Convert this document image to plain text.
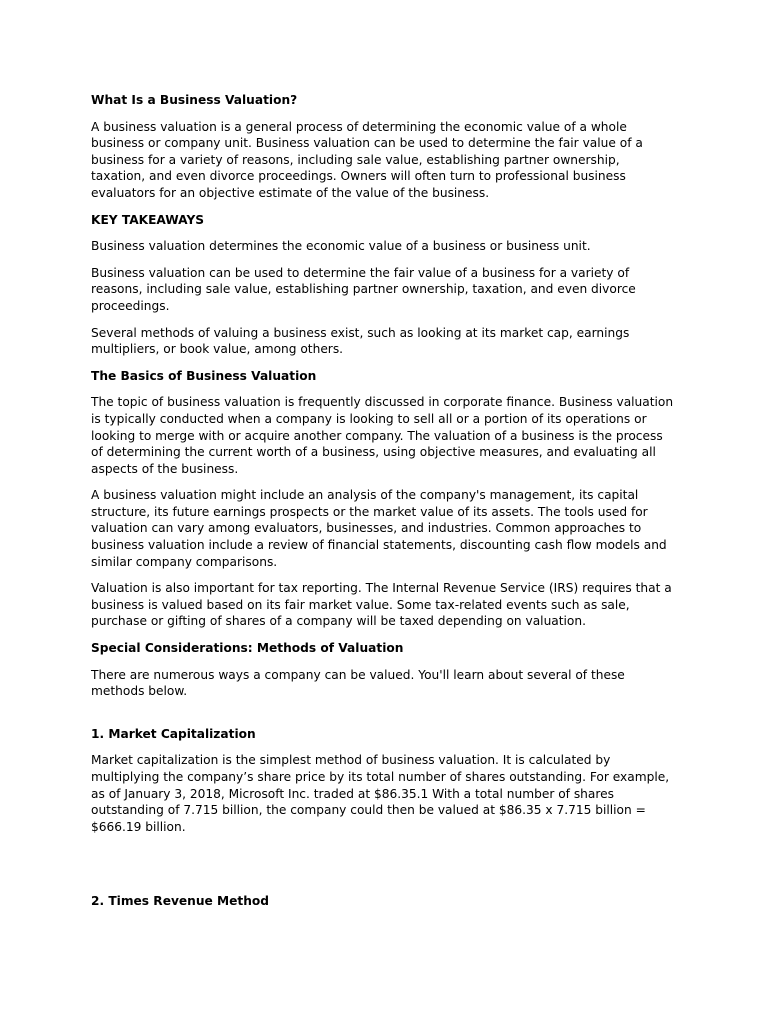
What Is a Business Valuation?

A business valuation is a general process of determining the economic value of a whole business or company unit. Business valuation can be used to determine the fair value of a business for a variety of reasons, including sale value, establishing partner ownership, taxation, and even divorce proceedings. Owners will often turn to professional business evaluators for an objective estimate of the value of the business.

KEY TAKEAWAYS

Business valuation determines the economic value of a business or business unit.

Business valuation can be used to determine the fair value of a business for a variety of reasons, including sale value, establishing partner ownership, taxation, and even divorce proceedings.

Several methods of valuing a business exist, such as looking at its market cap, earnings multipliers, or book value, among others.

The Basics of Business Valuation

The topic of business valuation is frequently discussed in corporate finance. Business valuation is typically conducted when a company is looking to sell all or a portion of its operations or looking to merge with or acquire another company. The valuation of a business is the process of determining the current worth of a business, using objective measures, and evaluating all aspects of the business.

A business valuation might include an analysis of the company's management, its capital structure, its future earnings prospects or the market value of its assets. The tools used for valuation can vary among evaluators, businesses, and industries. Common approaches to business valuation include a review of financial statements, discounting cash flow models and similar company comparisons.

Valuation is also important for tax reporting. The Internal Revenue Service (IRS) requires that a business is valued based on its fair market value. Some tax-related events such as sale, purchase or gifting of shares of a company will be taxed depending on valuation.

Special Considerations: Methods of Valuation

There are numerous ways a company can be valued. You'll learn about several of these methods below.

1. Market Capitalization

Market capitalization is the simplest method of business valuation. It is calculated by multiplying the company’s share price by its total number of shares outstanding. For example, as of January 3, 2018, Microsoft Inc. traded at $86.35.1 With a total number of shares outstanding of 7.715 billion, the company could then be valued at $86.35 x 7.715 billion = $666.19 billion.

2. Times Revenue Method
